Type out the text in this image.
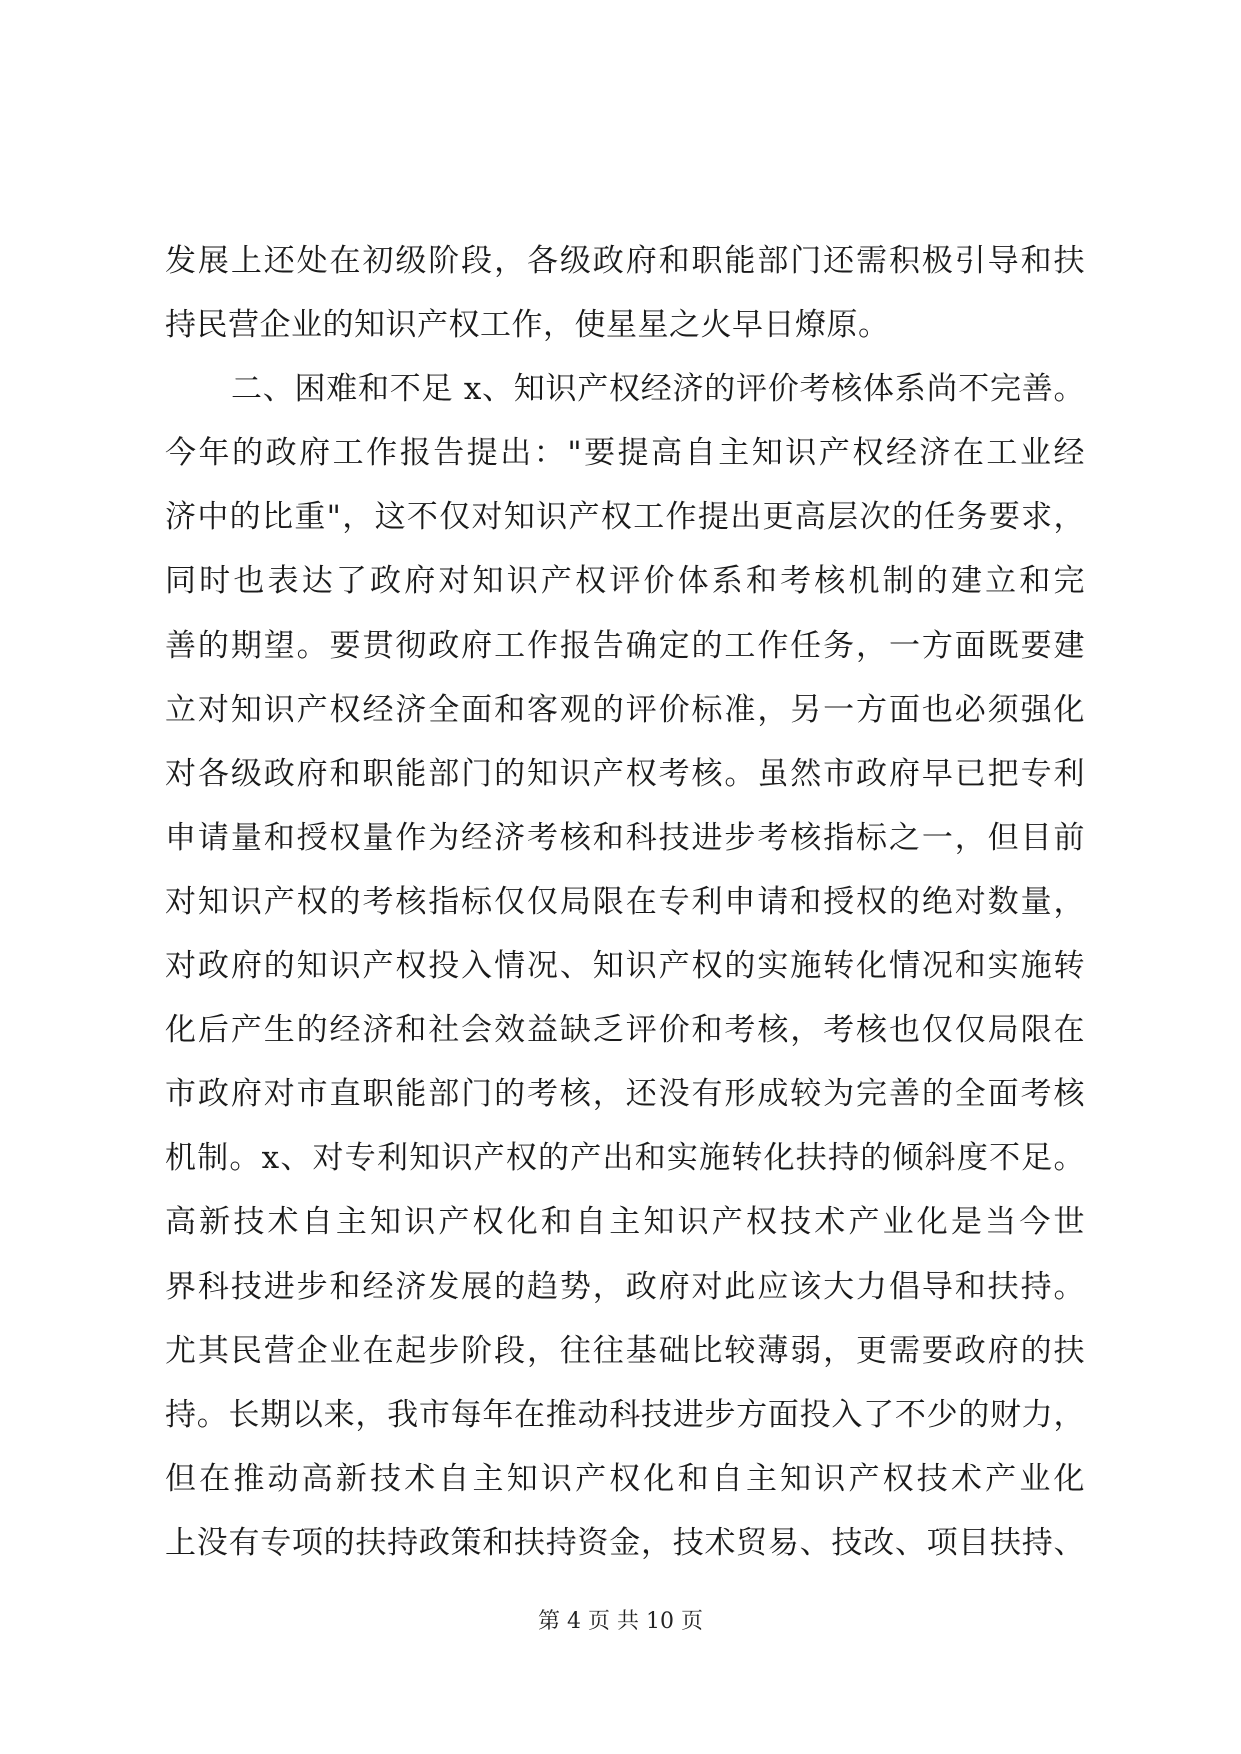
发展上还处在初级阶段，各级政府和职能部门还需积极引导和扶
持民营企业的知识产权工作，使星星之火早日燎原。
二、困难和不足 x、知识产权经济的评价考核体系尚不完善。
今年的政府工作报告提出："要提高自主知识产权经济在工业经
济中的比重"，这不仅对知识产权工作提出更高层次的任务要求，
同时也表达了政府对知识产权评价体系和考核机制的建立和完
善的期望。要贯彻政府工作报告确定的工作任务，一方面既要建
立对知识产权经济全面和客观的评价标准，另一方面也必须强化
对各级政府和职能部门的知识产权考核。虽然市政府早已把专利
申请量和授权量作为经济考核和科技进步考核指标之一，但目前
对知识产权的考核指标仅仅局限在专利申请和授权的绝对数量，
对政府的知识产权投入情况、知识产权的实施转化情况和实施转
化后产生的经济和社会效益缺乏评价和考核，考核也仅仅局限在
市政府对市直职能部门的考核，还没有形成较为完善的全面考核
机制。x、对专利知识产权的产出和实施转化扶持的倾斜度不足。
高新技术自主知识产权化和自主知识产权技术产业化是当今世
界科技进步和经济发展的趋势，政府对此应该大力倡导和扶持。
尤其民营企业在起步阶段，往往基础比较薄弱，更需要政府的扶
持。长期以来，我市每年在推动科技进步方面投入了不少的财力，
但在推动高新技术自主知识产权化和自主知识产权技术产业化
上没有专项的扶持政策和扶持资金，技术贸易、技改、项目扶持、
第 4 页 共 10 页
